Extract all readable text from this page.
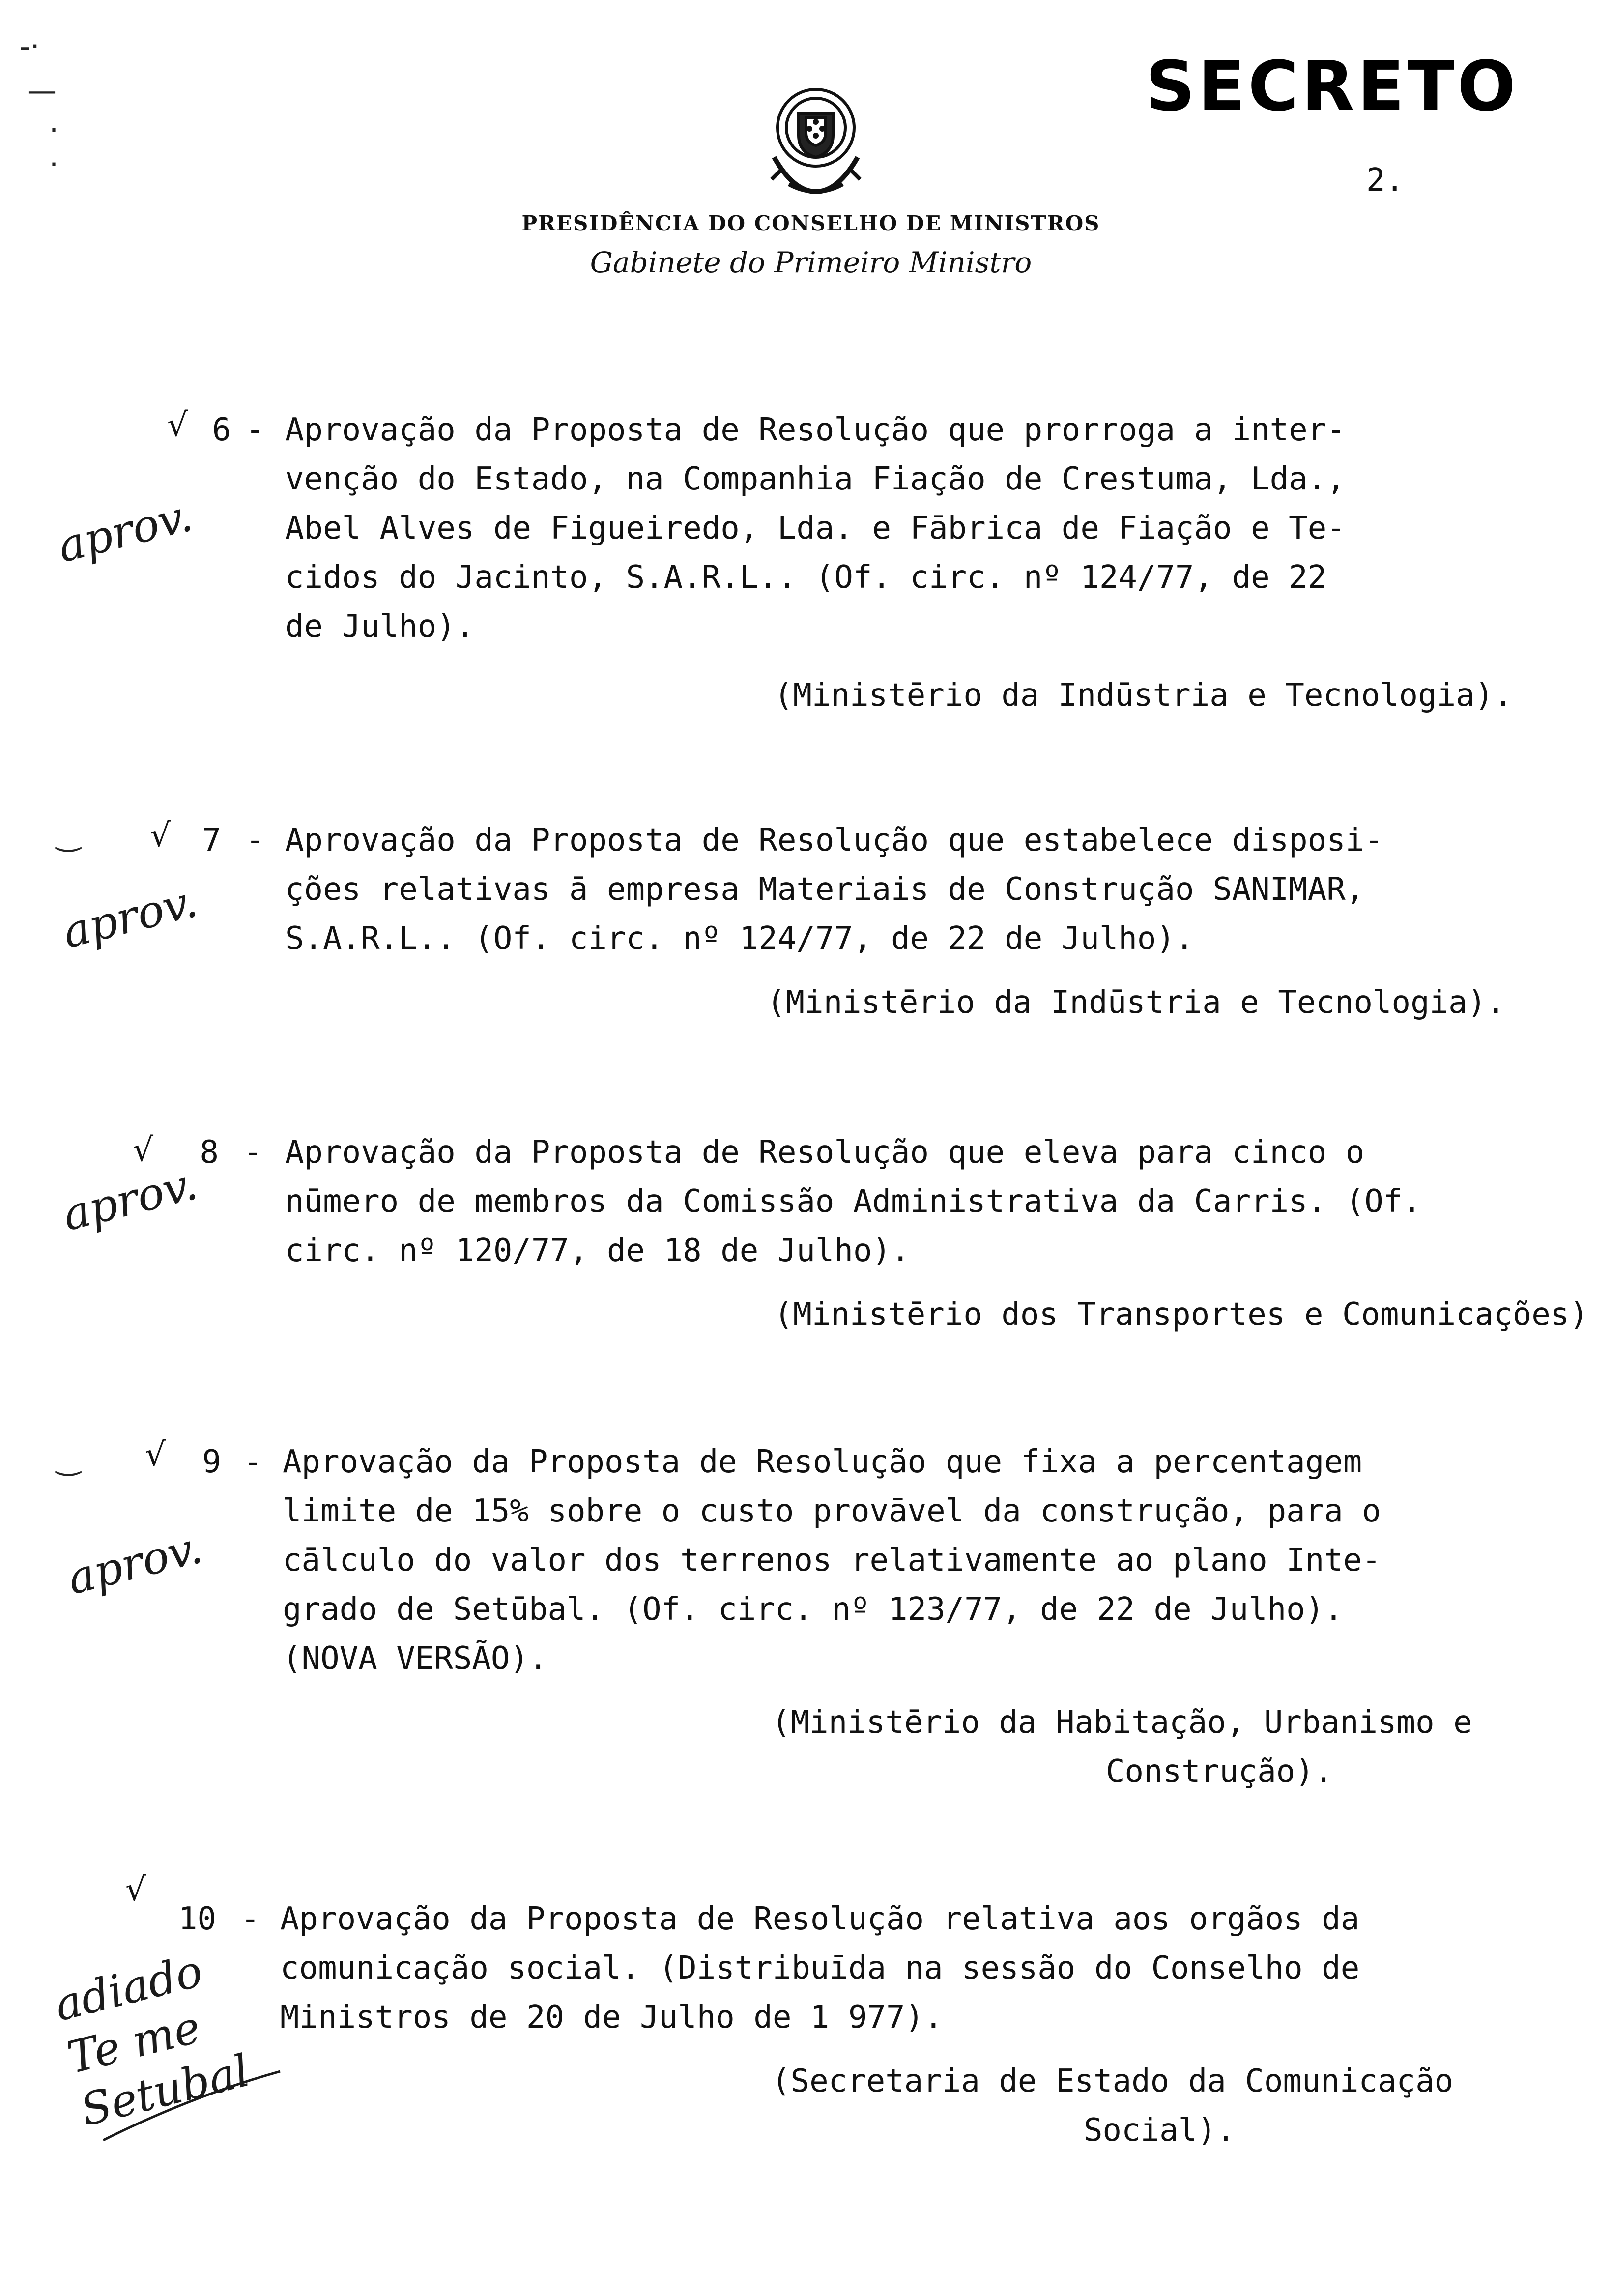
SECRETO
2.
PRESIDÊNCIA DO CONSELHO DE MINISTROS
Gabinete do Primeiro Ministro
-·
—
·
·
√ 6 - Aprovação da Proposta de Resolução que prorroga a inter-
venção do Estado, na Companhia Fiação de Crestuma, Lda.,
Abel Alves de Figueiredo, Lda. e Fābrica de Fiação e Te-
cidos do Jacinto, S.A.R.L.. (Of. circ. nº 124/77, de 22
de Julho).
(Ministērio da Indūstria e Tecnologia).
aprov.
‿ √	7 - Aprovação da Proposta de Resolução que estabelece disposi-
ções relativas ā empresa Materiais de Construção SANIMAR,
S.A.R.L.. (Of. circ. nº 124/77, de 22 de Julho).
(Ministērio da Indūstria e Tecnologia).
aprov.
√	8 - Aprovação da Proposta de Resolução que eleva para cinco o
nūmero de membros da Comissão Administrativa da Carris. (Of.
circ. nº 120/77, de 18 de Julho).
(Ministērio dos Transportes e Comunicações)
aprov.
‿ √	9 - Aprovação da Proposta de Resolução que fixa a percentagem
limite de 15% sobre o custo provāvel da construção, para o
cālculo do valor dos terrenos relativamente ao plano Inte-
grado de Setūbal. (Of. circ. nº 123/77, de 22 de Julho).
(NOVA VERSÃO).
(Ministērio da Habitação, Urbanismo e
Construção).
aprov.
√
10 - Aprovação da Proposta de Resolução relativa aos orgãos da
comunicação social. (Distribuīda na sessão do Conselho de
Ministros de 20 de Julho de 1 977).
(Secretaria de Estado da Comunicação
Social).
adiado Te me Setubal
